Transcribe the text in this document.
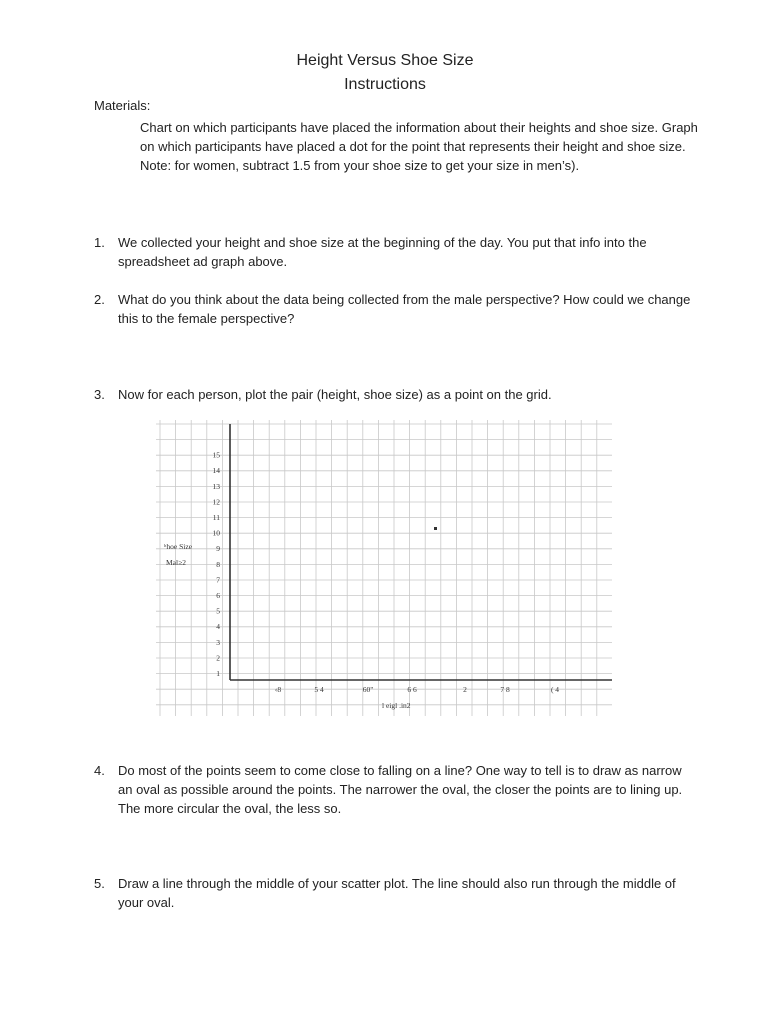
Height Versus Shoe Size
Instructions
Materials:
Chart on which participants have placed the information about their heights and shoe size. Graph on which participants have placed a dot for the point that represents their height and shoe size. Note: for women, subtract 1.5 from your shoe size to get your size in men’s).
1.	We collected your height and shoe size at the beginning of the day. You put that info into the spreadsheet ad graph above.
2.	What do you think about the data being collected from the male perspective? How could we change this to the female perspective?
3.	Now for each person, plot the pair (height, shoe size) as a point on the grid.
1
2
3
4
5
6
7
8
9
10
11
12
13
14
15
‹8	5 4	60"	6 6	2	7 8	( 4
ʰhoe Size
Mal≥2
l eigl .in2
4.	Do most of the points seem to come close to falling on a line? One way to tell is to draw as narrow an oval as possible around the points. The narrower the oval, the closer the points are to lining up. The more circular the oval, the less so.
5.	Draw a line through the middle of your scatter plot. The line should also run through the middle of your oval.
